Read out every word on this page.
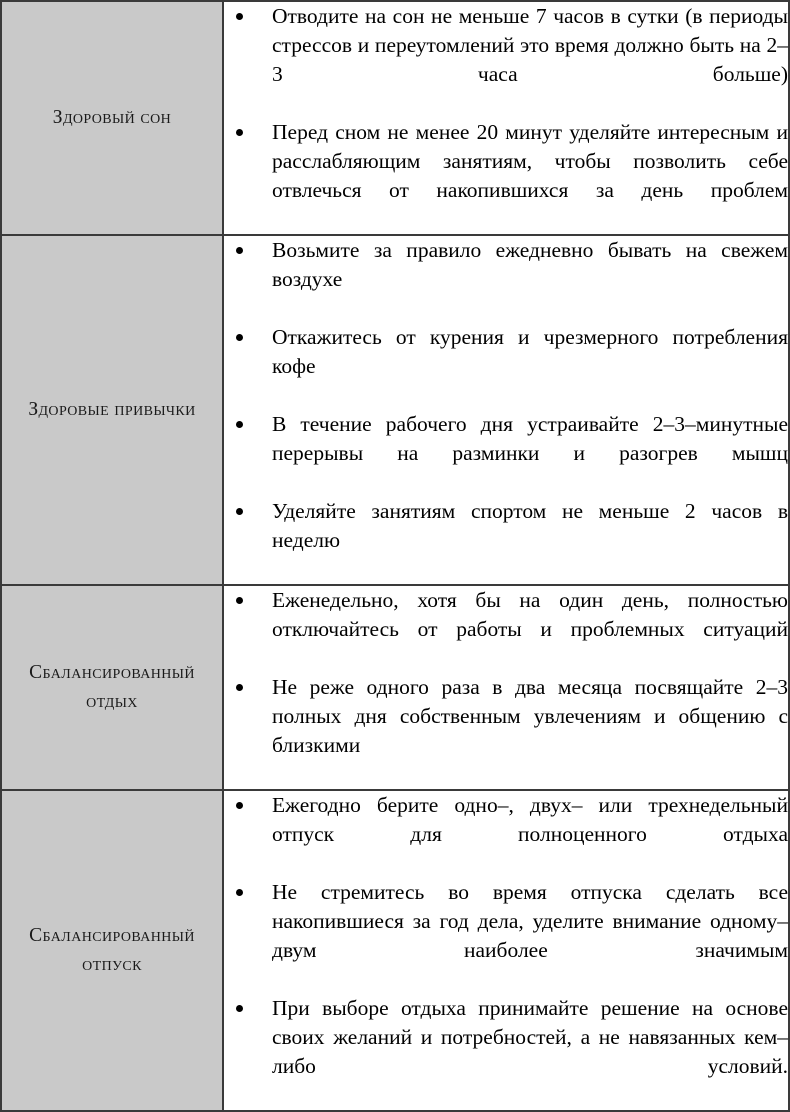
Здоровый сон

Отводите на сон не меньше 7 часов в сутки (в периоды стрессов и переутомлений это время должно быть на 2–3 часа больше)
Перед сном не менее 20 минут уделяйте интересным и расслабляющим занятиям, чтобы позволить себе отвлечься от накопившихся за день проблем

Здоровые привычки

Возьмите за правило ежедневно бывать на свежем воздухе
Откажитесь от курения и чрезмерного потребления кофе
В течение рабочего дня устраивайте 2–3–минутные перерывы на разминки и разогрев мышц
Уделяйте занятиям спортом не меньше 2 часов в неделю

Сбалансированный отдых

Еженедельно, хотя бы на один день, полностью отключайтесь от работы и проблемных ситуаций
Не реже одного раза в два месяца посвящайте 2–3 полных дня собственным увлечениям и общению с близкими

Сбалансированный отпуск

Ежегодно берите одно–, двух– или трехнедельный отпуск для полноценного отдыха
Не стремитесь во время отпуска сделать все накопившиеся за год дела, уделите внимание одному–двум наиболее значимым
При выборе отдыха принимайте решение на основе своих желаний и потребностей, а не навязанных кем–либо условий.
